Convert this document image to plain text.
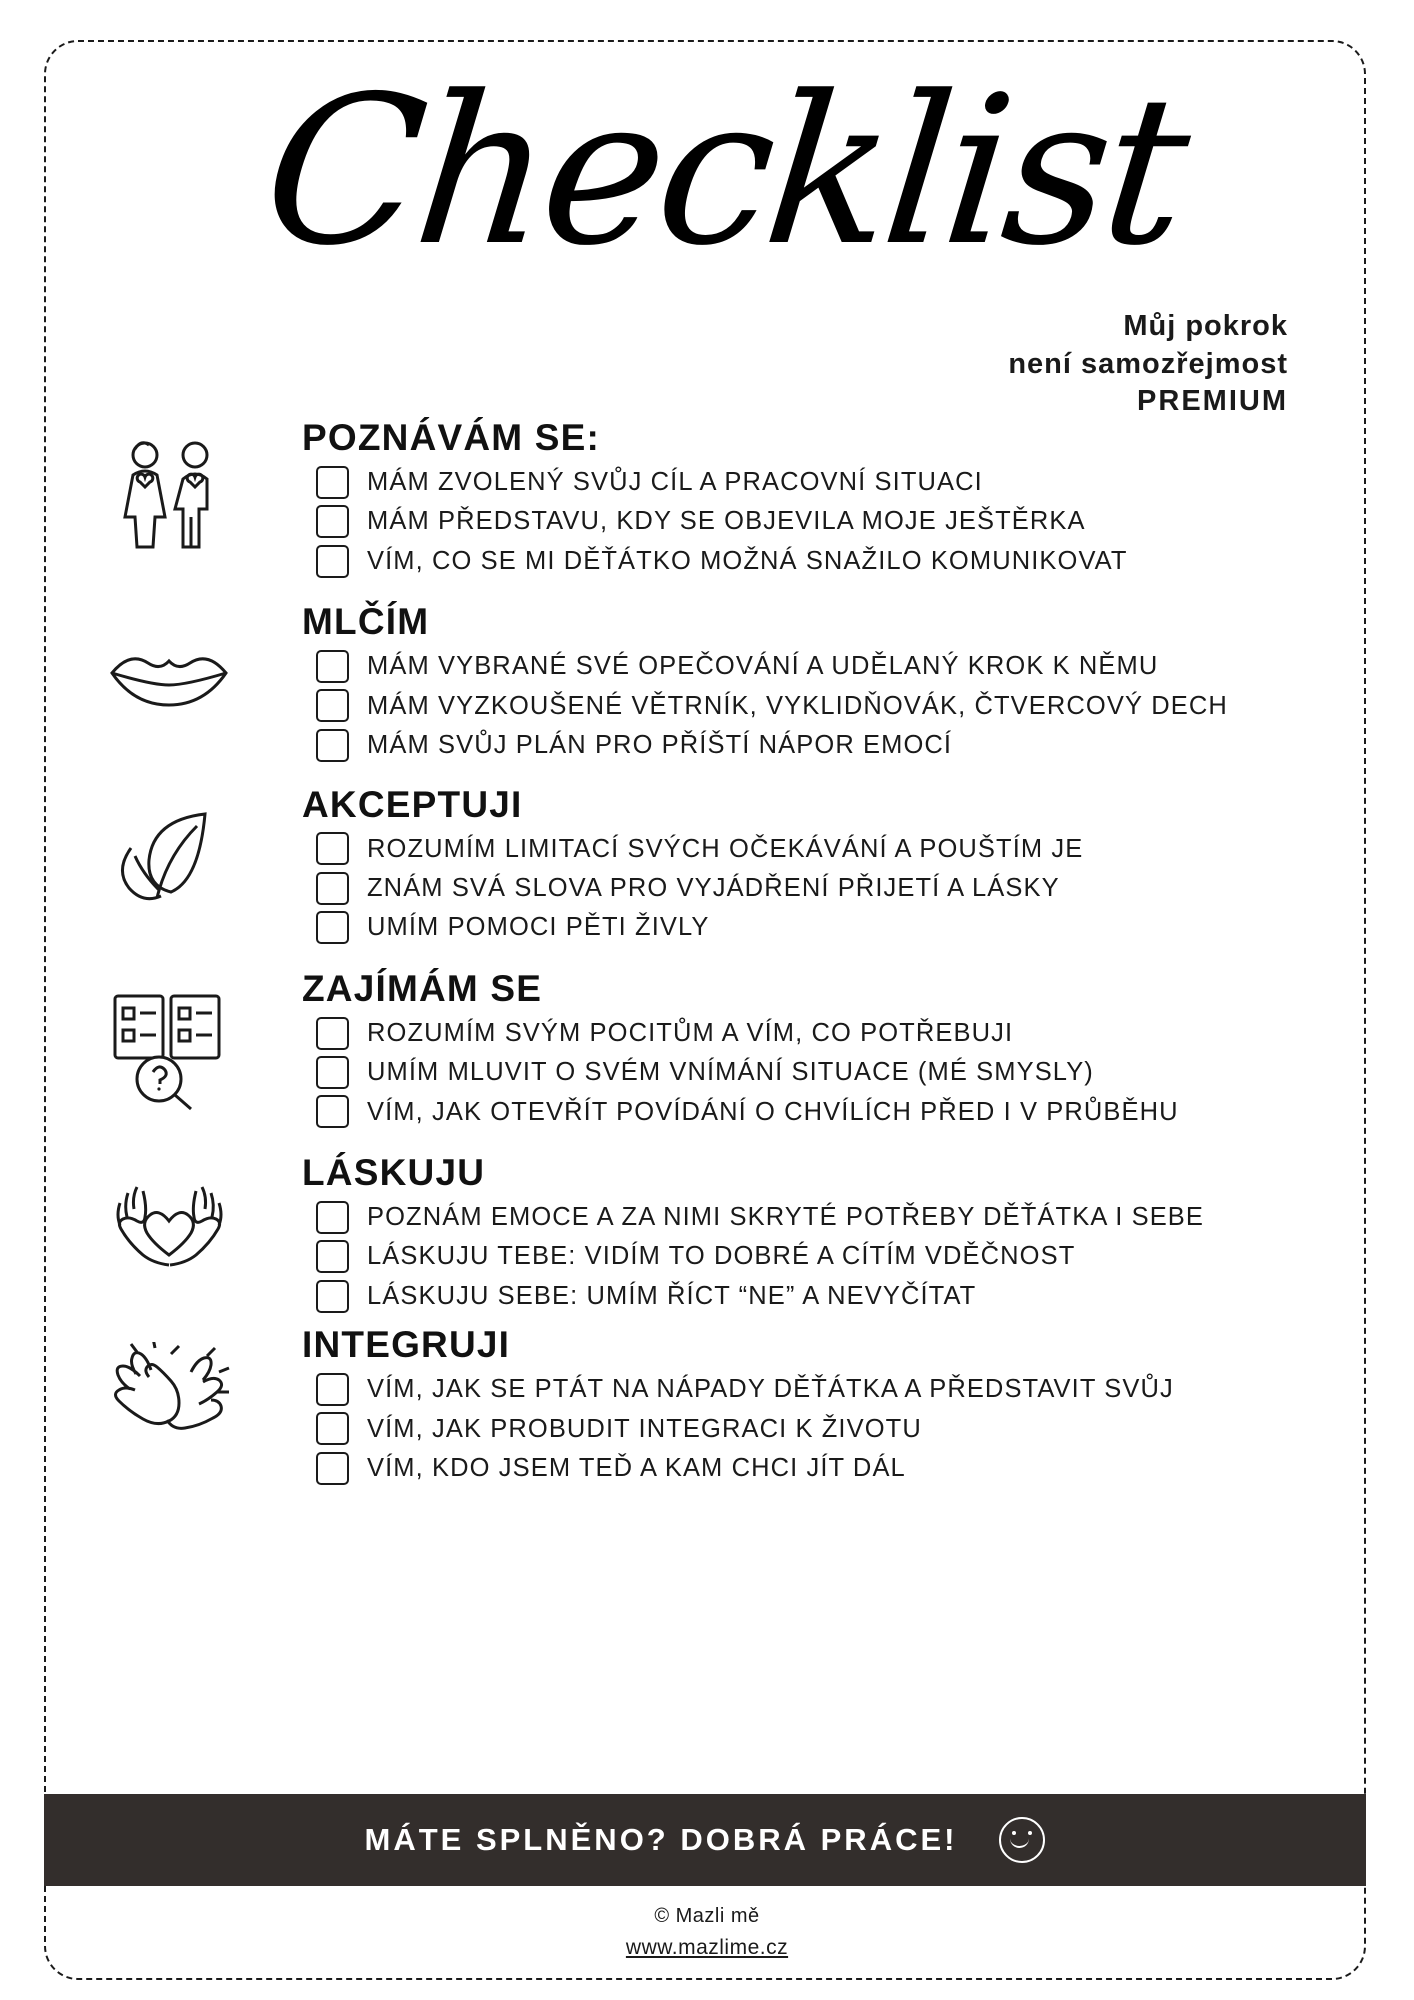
Checklist
Můj pokrok
není samozřejmost
PREMIUM
POZNÁVÁM SE:
MÁM ZVOLENÝ SVŮJ CÍL A PRACOVNÍ SITUACI
MÁM PŘEDSTAVU, KDY SE OBJEVILA MOJE JEŠTĚRKA
VÍM, CO SE MI DĚŤÁTKO MOŽNÁ SNAŽILO KOMUNIKOVAT
MLČÍM
MÁM VYBRANÉ SVÉ OPEČOVÁNÍ A UDĚLANÝ KROK K NĚMU
MÁM VYZKOUŠENÉ VĚTRNÍK, VYKLIDŇOVÁK, ČTVERCOVÝ DECH
MÁM SVŮJ PLÁN PRO PŘÍŠTÍ NÁPOR EMOCÍ
AKCEPTUJI
ROZUMÍM LIMITACÍ SVÝCH OČEKÁVÁNÍ A POUŠTÍM JE
ZNÁM SVÁ SLOVA PRO VYJÁDŘENÍ PŘIJETÍ A LÁSKY
UMÍM POMOCI PĚTI ŽIVLY
ZAJÍMÁM SE
ROZUMÍM SVÝM POCITŮM A VÍM, CO POTŘEBUJI
UMÍM MLUVIT O SVÉM VNÍMÁNÍ SITUACE (MÉ SMYSLY)
VÍM, JAK OTEVŘÍT POVÍDÁNÍ O CHVÍLÍCH PŘED I V PRŮBĚHU
LÁSKUJU
POZNÁM EMOCE A ZA NIMI SKRYTÉ POTŘEBY DĚŤÁTKA I SEBE
LÁSKUJU TEBE: VIDÍM TO DOBRÉ A CÍTÍM VDĚČNOST
LÁSKUJU SEBE: UMÍM ŘÍCT “NE” A NEVYČÍTAT
INTEGRUJI
VÍM, JAK SE PTÁT NA NÁPADY DĚŤÁTKA A PŘEDSTAVIT SVŮJ
VÍM, JAK PROBUDIT INTEGRACI K ŽIVOTU
VÍM, KDO JSEM TEĎ A KAM CHCI JÍT DÁL
MÁTE SPLNĚNO? DOBRÁ PRÁCE!
© Mazli mě
www.mazlime.cz
